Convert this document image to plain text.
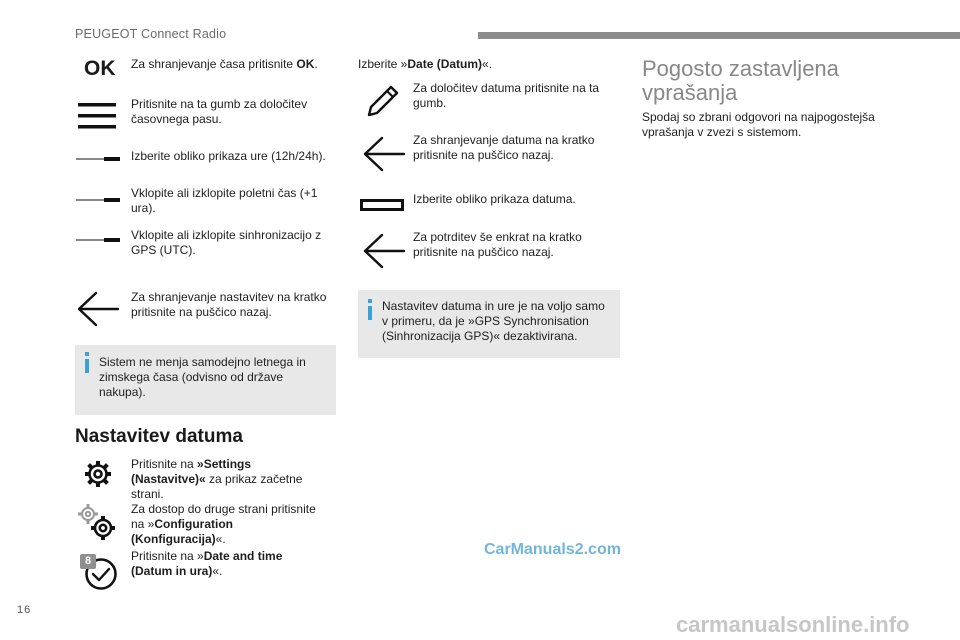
PEUGEOT Connect Radio
OK Za shranjevanje časa pritisnite OK.
Pritisnite na ta gumb za določitev časovnega pasu.
Izberite obliko prikaza ure (12h/24h).
Vklopite ali izklopite poletni čas (+1 ura).
Vklopite ali izklopite sinhronizacijo z GPS (UTC).
Za shranjevanje nastavitev na kratko pritisnite na puščico nazaj.
Sistem ne menja samodejno letnega in zimskega časa (odvisno od države nakupa).
Nastavitev datuma
Pritisnite na »Settings (Nastavitve)« za prikaz začetne strani.
Za dostop do druge strani pritisnite na »Configuration (Konfiguracija)«.
8	Pritisnite na »Date and time (Datum in ura)«.
Izberite »Date (Datum)«.
Za določitev datuma pritisnite na ta gumb.
Za shranjevanje datuma na kratko pritisnite na puščico nazaj.
Izberite obliko prikaza datuma.
Za potrditev še enkrat na kratko pritisnite na puščico nazaj.
Nastavitev datuma in ure je na voljo samo v primeru, da je »GPS Synchronisation (Sinhronizacija GPS)« dezaktivirana.
Pogosto zastavljena vprašanja
Spodaj so zbrani odgovori na najpogostejša vprašanja v zvezi s sistemom.
CarManuals2.com
carmanualsonline.info
16
